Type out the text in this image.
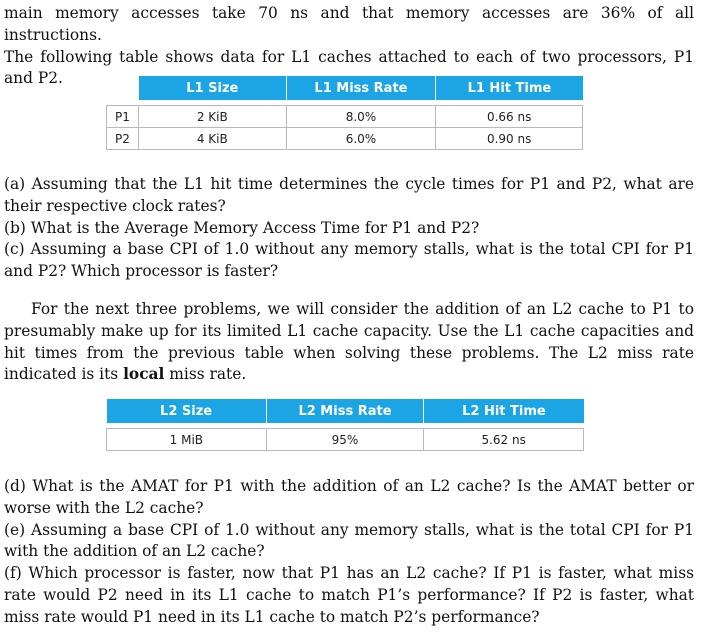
main memory accesses take 70 ns and that memory accesses are 36% of all instructions.
The following table shows data for L1 caches attached to each of two processors, P1 and P2.
	L1 Size	L1 Miss Rate	L1 Hit Time

P1	2 KiB	8.0%	0.66 ns
P2	4 KiB	6.0%	0.90 ns
(a) Assuming that the L1 hit time determines the cycle times for P1 and P2, what are their respective clock rates?
(b) What is the Average Memory Access Time for P1 and P2?
(c) Assuming a base CPI of 1.0 without any memory stalls, what is the total CPI for P1 and P2? Which processor is faster?
For the next three problems, we will consider the addition of an L2 cache to P1 to presumably make up for its limited L1 cache capacity. Use the L1 cache capacities and hit times from the previous table when solving these problems. The L2 miss rate indicated is its local miss rate.
L2 Size	L2 Miss Rate	L2 Hit Time

1 MiB	95%	5.62 ns
(d) What is the AMAT for P1 with the addition of an L2 cache? Is the AMAT better or worse with the L2 cache?
(e) Assuming a base CPI of 1.0 without any memory stalls, what is the total CPI for P1 with the addition of an L2 cache?
(f) Which processor is faster, now that P1 has an L2 cache? If P1 is faster, what miss rate would P2 need in its L1 cache to match P1’s performance? If P2 is faster, what miss rate would P1 need in its L1 cache to match P2’s performance?
